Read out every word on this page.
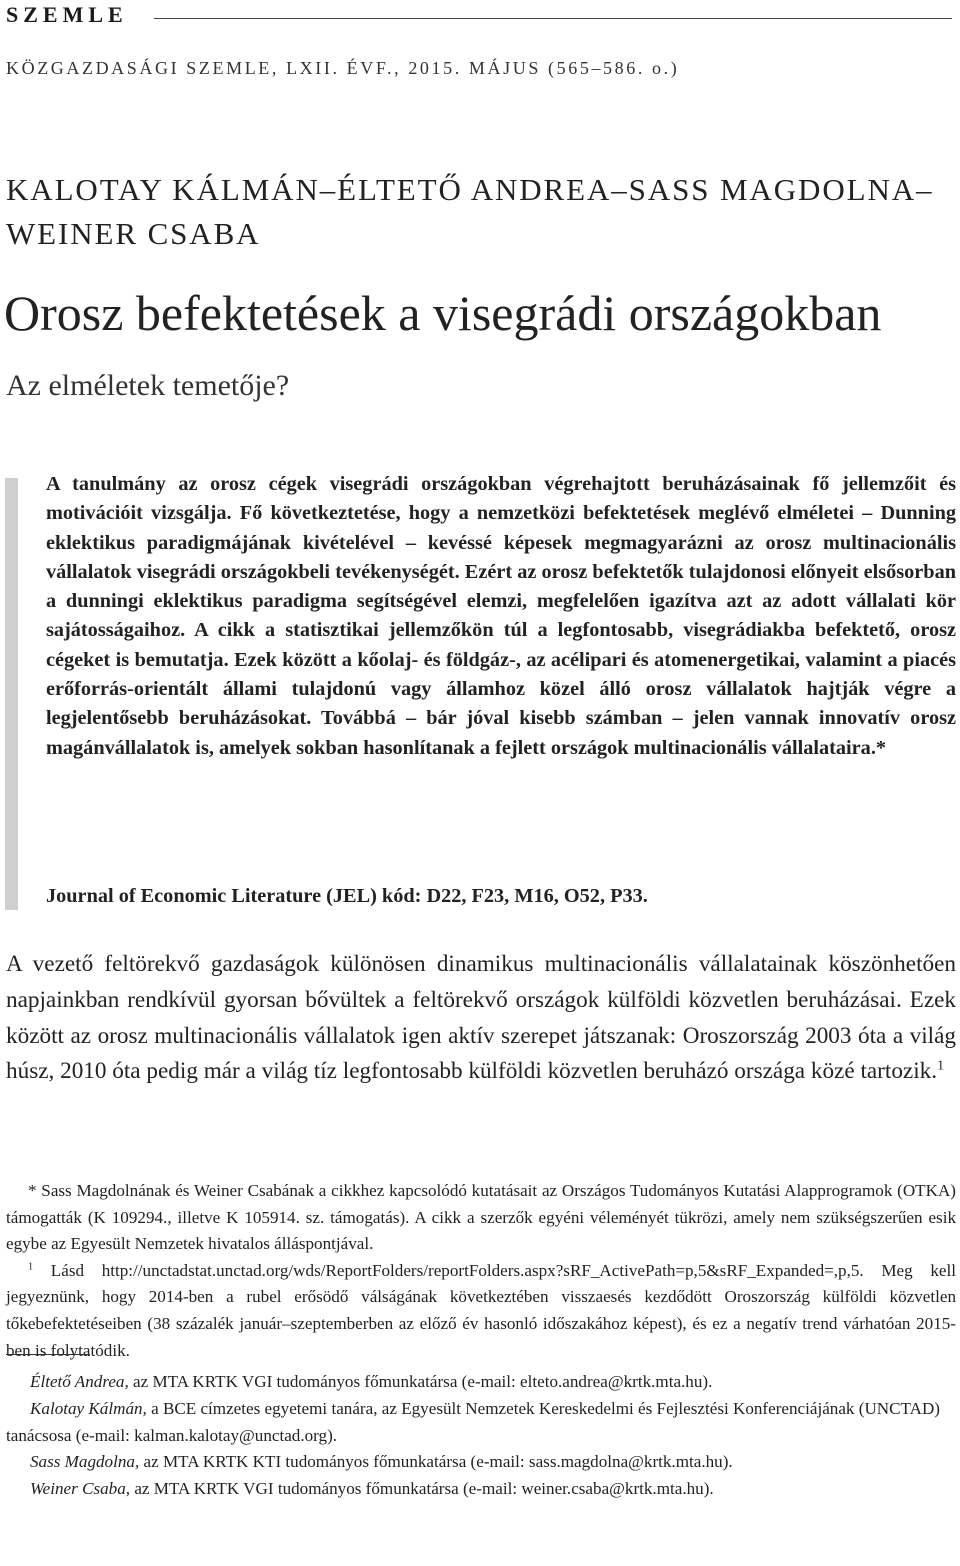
SZEMLE
KÖZGAZDASÁGI SZEMLE, LXII. ÉVF., 2015. MÁJUS (565–586. o.)
KALOTAY KÁLMÁN–ÉLTETŐ ANDREA–SASS MAGDOLNA–
WEINER CSABA
Orosz befektetések a visegrádi országokban
Az elméletek temetője?

A tanulmány az orosz cégek visegrádi országokban végrehajtott beruházásainak fő jellemzőit és motivációit vizsgálja. Fő következtetése, hogy a nemzetközi befektetések meglévő elméletei – Dunning eklektikus paradigmájának kivételével – kevéssé képesek megmagyarázni az orosz multinacionális vállalatok visegrádi országokbeli tevékenységét. Ezért az orosz befektetők tulajdonosi előnyeit elsősorban a dunningi eklektikus paradigma segítségével elemzi, megfelelően igazítva azt az adott vállalati kör sajátosságaihoz. A cikk a statisztikai jellemzőkön túl a legfontosabb, visegrádiakba befektető, orosz cégeket is bemutatja. Ezek között a kőolaj- és földgáz-, az acélipari és atomenergetikai, valamint a piacés erőforrás-orientált állami tulajdonú vagy államhoz közel álló orosz vállalatok hajtják végre a legjelentősebb beruházásokat. Továbbá – bár jóval kisebb számban – jelen vannak innovatív orosz magánvállalatok is, amelyek sokban hasonlítanak a fejlett országok multinacionális vállalataira.*

Journal of Economic Literature (JEL) kód: D22, F23, M16, O52, P33.

A vezető feltörekvő gazdaságok különösen dinamikus multinacionális vállalatainak köszönhetően napjainkban rendkívül gyorsan bővültek a feltörekvő országok külföldi közvetlen beruházásai. Ezek között az orosz multinacionális vállalatok igen aktív szerepet játszanak: Oroszország 2003 óta a világ húsz, 2010 óta pedig már a világ tíz legfontosabb külföldi közvetlen beruházó országa közé tartozik.$^1$

* Sass Magdolnának és Weiner Csabának a cikkhez kapcsolódó kutatásait az Országos Tudományos Kutatási Alapprogramok (OTKA) támogatták (K 109294., illetve K 105914. sz. támogatás). A cikk a szerzők egyéni véleményét tükrözi, amely nem szükségszerűen esik egybe az Egyesült Nemzetek hivatalos álláspontjával.

$^1$ Lásd http://unctadstat.unctad.org/wds/ReportFolders/reportFolders.aspx?sRF_ActivePath=p,5&sRF_Expanded=,p,5. Meg kell jegyeznünk, hogy 2014-ben a rubel erősödő válságának következtében visszaesés kezdődött Oroszország külföldi közvetlen tőkebefektetéseiben (38 százalék január–szeptemberben az előző év hasonló időszakához képest), és ez a negatív trend várhatóan 2015-ben is folytatódik.

Éltető Andrea, az MTA KRTK VGI tudományos főmunkatársa (e-mail: elteto.andrea@krtk.mta.hu).

Kalotay Kálmán, a BCE címzetes egyetemi tanára, az Egyesült Nemzetek Kereskedelmi és Fejlesztési Konferenciájának (UNCTAD) tanácsosa (e-mail: kalman.kalotay@unctad.org).

Sass Magdolna, az MTA KRTK KTI tudományos főmunkatársa (e-mail: sass.magdolna@krtk.mta.hu).

Weiner Csaba, az MTA KRTK VGI tudományos főmunkatársa (e-mail: weiner.csaba@krtk.mta.hu).
